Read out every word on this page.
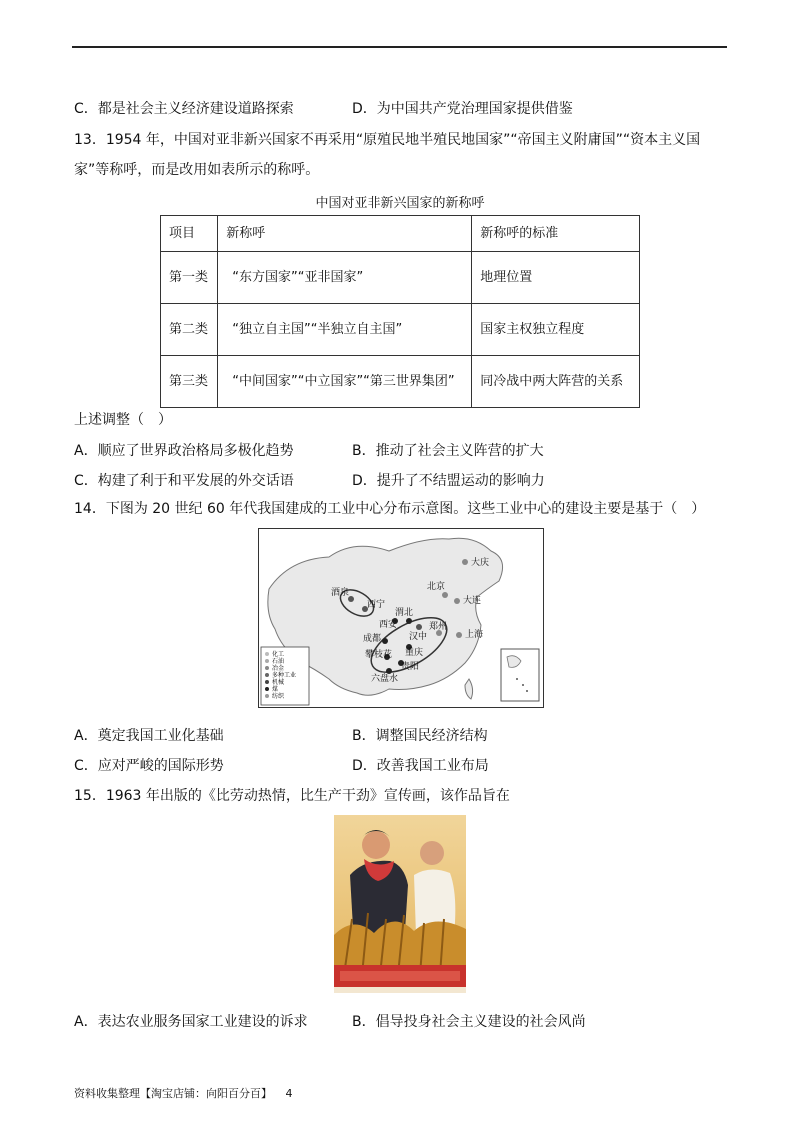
C．都是社会主义经济建设道路探索	D．为中国共产党治理国家提供借鉴
13．1954 年，中国对亚非新兴国家不再采用“原殖民地半殖民地国家”“帝国主义附庸国”“资本主义国
家”等称呼，而是改用如表所示的称呼。
中国对亚非新兴国家的新称呼
项目	新称呼	新称呼的标准
第一类	“东方国家”“亚非国家”	地理位置
第二类	“独立自主国”“半独立自主国”	国家主权独立程度
第三类	“中间国家”“中立国家”“第三世界集团”	同冷战中两大阵营的关系
上述调整（　）
A．顺应了世界政治格局多极化趋势	B．推动了社会主义阵营的扩大
C．构建了利于和平发展的外交话语	D．提升了不结盟运动的影响力
14．下图为 20 世纪 60 年代我国建成的工业中心分布示意图。这些工业中心的建设主要是基于（　）
大庆
北京
大连
酒泉
西宁
渭北
西安
汉中
郑州
成都
重庆
上海
攀枝花
贵阳
六盘水
化工
石油
冶金
多种工业
机械
煤
纺织
A．奠定我国工业化基础	B．调整国民经济结构
C．应对严峻的国际形势	D．改善我国工业布局
15．1963 年出版的《比劳动热情，比生产干劲》宣传画，该作品旨在
A．表达农业服务国家工业建设的诉求	B．倡导投身社会主义建设的社会风尚
资料收集整理【淘宝店铺：向阳百分百】 4
